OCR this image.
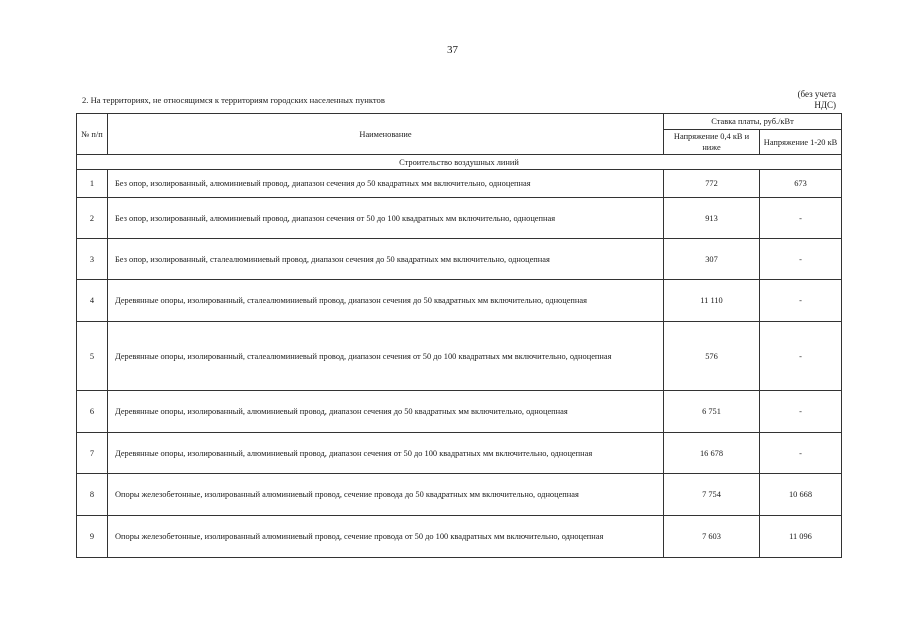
37
2. На территориях, не относящимся к территориям городских населенных пунктов
(без учета НДС)
№ п/п	Наименование	Ставка платы, руб./кВт	
		Напряжение 0,4 кВ и ниже	Напряжение 1-20 кВ
Строительство воздушных линий			
1	Без опор, изолированный, алюминиевый провод, диапазон сечения до 50 квадратных мм включительно, одноцепная	772	673
2	Без опор, изолированный, алюминиевый провод, диапазон сечения от 50 до 100 квадратных мм включительно, одноцепная	913	-
3	Без опор, изолированный, сталеалюминиевый провод, диапазон сечения до 50 квадратных мм включительно, одноцепная	307	-
4	Деревянные опоры, изолированный, сталеалюминиевый провод, диапазон сечения до 50 квадратных мм включительно, одноцепная	11 110	-
5	Деревянные опоры, изолированный, сталеалюминиевый провод, диапазон сечения от 50 до 100 квадратных мм включительно, одноцепная	576	-
6	Деревянные опоры, изолированный, алюминиевый провод, диапазон сечения до 50 квадратных мм включительно, одноцепная	6 751	-
7	Деревянные опоры, изолированный, алюминиевый провод, диапазон сечения от 50 до 100 квадратных мм включительно, одноцепная	16 678	-
8	Опоры железобетонные, изолированный алюминиевый провод, сечение провода до 50 квадратных мм включительно, одноцепная	7 754	10 668
9	Опоры железобетонные, изолированный алюминиевый провод, сечение провода от 50 до 100 квадратных мм включительно, одноцепная	7 603	11 096
